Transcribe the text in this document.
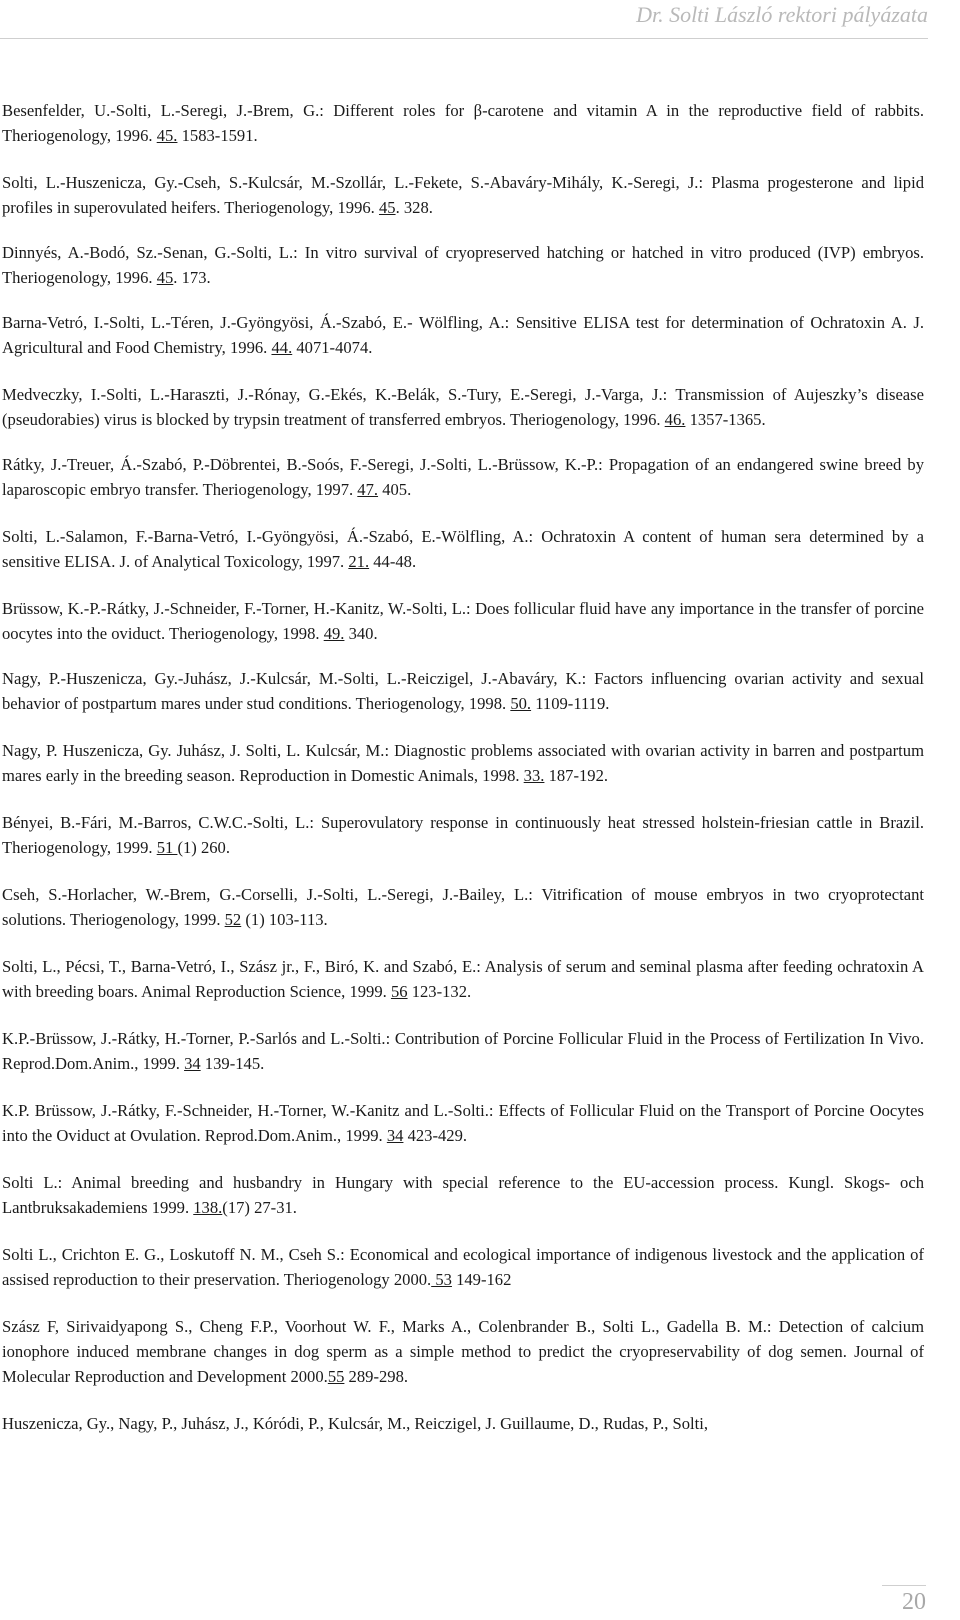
Dr. Solti László rektori pályázata

Besenfelder, U.-Solti, L.-Seregi, J.-Brem, G.: Different roles for β-carotene and vitamin A in the reproductive field of rabbits. Theriogenology, 1996. 45. 1583-1591.

Solti, L.-Huszenicza, Gy.-Cseh, S.-Kulcsár, M.-Szollár, L.-Fekete, S.-Abaváry-Mihály, K.-Seregi, J.: Plasma progesterone and lipid profiles in superovulated heifers. Theriogenology, 1996. 45. 328.

Dinnyés, A.-Bodó, Sz.-Senan, G.-Solti, L.: In vitro survival of cryopreserved hatching or hatched in vitro produced (IVP) embryos. Theriogenology, 1996. 45. 173.

Barna-Vetró, I.-Solti, L.-Téren, J.-Gyöngyösi, Á.-Szabó, E.- Wölfling, A.: Sensitive ELISA test for determination of Ochratoxin A. J. Agricultural and Food Chemistry, 1996. 44. 4071-4074.

Medveczky, I.-Solti, L.-Haraszti, J.-Rónay, G.-Ekés, K.-Belák, S.-Tury, E.-Seregi, J.-Varga, J.: Transmission of Aujeszky’s disease (pseudorabies) virus is blocked by trypsin treatment of transferred embryos. Theriogenology, 1996. 46. 1357-1365.

Rátky, J.-Treuer, Á.-Szabó, P.-Döbrentei, B.-Soós, F.-Seregi, J.-Solti, L.-Brüssow, K.-P.: Propagation of an endangered swine breed by laparoscopic embryo transfer. Theriogenology, 1997. 47. 405.

Solti, L.-Salamon, F.-Barna-Vetró, I.-Gyöngyösi, Á.-Szabó, E.-Wölfling, A.: Ochratoxin A content of human sera determined by a sensitive ELISA. J. of Analytical Toxicology, 1997. 21. 44-48.

Brüssow, K.-P.-Rátky, J.-Schneider, F.-Torner, H.-Kanitz, W.-Solti, L.: Does follicular fluid have any importance in the transfer of porcine oocytes into the oviduct. Theriogenology, 1998. 49. 340.

Nagy, P.-Huszenicza, Gy.-Juhász, J.-Kulcsár, M.-Solti, L.-Reiczigel, J.-Abaváry, K.: Factors influencing ovarian activity and sexual behavior of postpartum mares under stud conditions. Theriogenology, 1998. 50. 1109-1119.

Nagy, P. Huszenicza, Gy. Juhász, J. Solti, L. Kulcsár, M.: Diagnostic problems associated with ovarian activity in barren and postpartum mares early in the breeding season. Reproduction in Domestic Animals, 1998. 33. 187-192.

Bényei, B.-Fári, M.-Barros, C.W.C.-Solti, L.: Superovulatory response in continuously heat stressed holstein-friesian cattle in Brazil. Theriogenology, 1999. 51 (1) 260.

Cseh, S.-Horlacher, W.-Brem, G.-Corselli, J.-Solti, L.-Seregi, J.-Bailey, L.: Vitrification of mouse embryos in two cryoprotectant solutions. Theriogenology, 1999. 52 (1) 103-113.

Solti, L., Pécsi, T., Barna-Vetró, I., Szász jr., F., Biró, K. and Szabó, E.: Analysis of serum and seminal plasma after feeding ochratoxin A with breeding boars. Animal Reproduction Science, 1999. 56 123-132.

K.P.-Brüssow, J.-Rátky, H.-Torner, P.-Sarlós and L.-Solti.: Contribution of Porcine Follicular Fluid in the Process of Fertilization In Vivo. Reprod.Dom.Anim., 1999. 34 139-145.

K.P. Brüssow, J.-Rátky, F.-Schneider, H.-Torner, W.-Kanitz and L.-Solti.: Effects of Follicular Fluid on the Transport of Porcine Oocytes into the Oviduct at Ovulation. Reprod.Dom.Anim., 1999. 34 423-429.

Solti L.: Animal breeding and husbandry in Hungary with special reference to the EU-accession process. Kungl. Skogs- och Lantbruksakademiens 1999. 138.(17) 27-31.

Solti L., Crichton E. G., Loskutoff N. M., Cseh S.: Economical and ecological importance of indigenous livestock and the application of assised reproduction to their preservation. Theriogenology 2000. 53 149-162

Szász F, Sirivaidyapong S., Cheng F.P., Voorhout W. F., Marks A., Colenbrander B., Solti L., Gadella B. M.: Detection of calcium ionophore induced membrane changes in dog sperm as a simple method to predict the cryopreservability of dog semen. Journal of Molecular Reproduction and Development 2000.55 289-298.

Huszenicza, Gy., Nagy, P., Juhász, J., Kóródi, P., Kulcsár, M., Reiczigel, J. Guillaume, D., Rudas, P., Solti,

20
